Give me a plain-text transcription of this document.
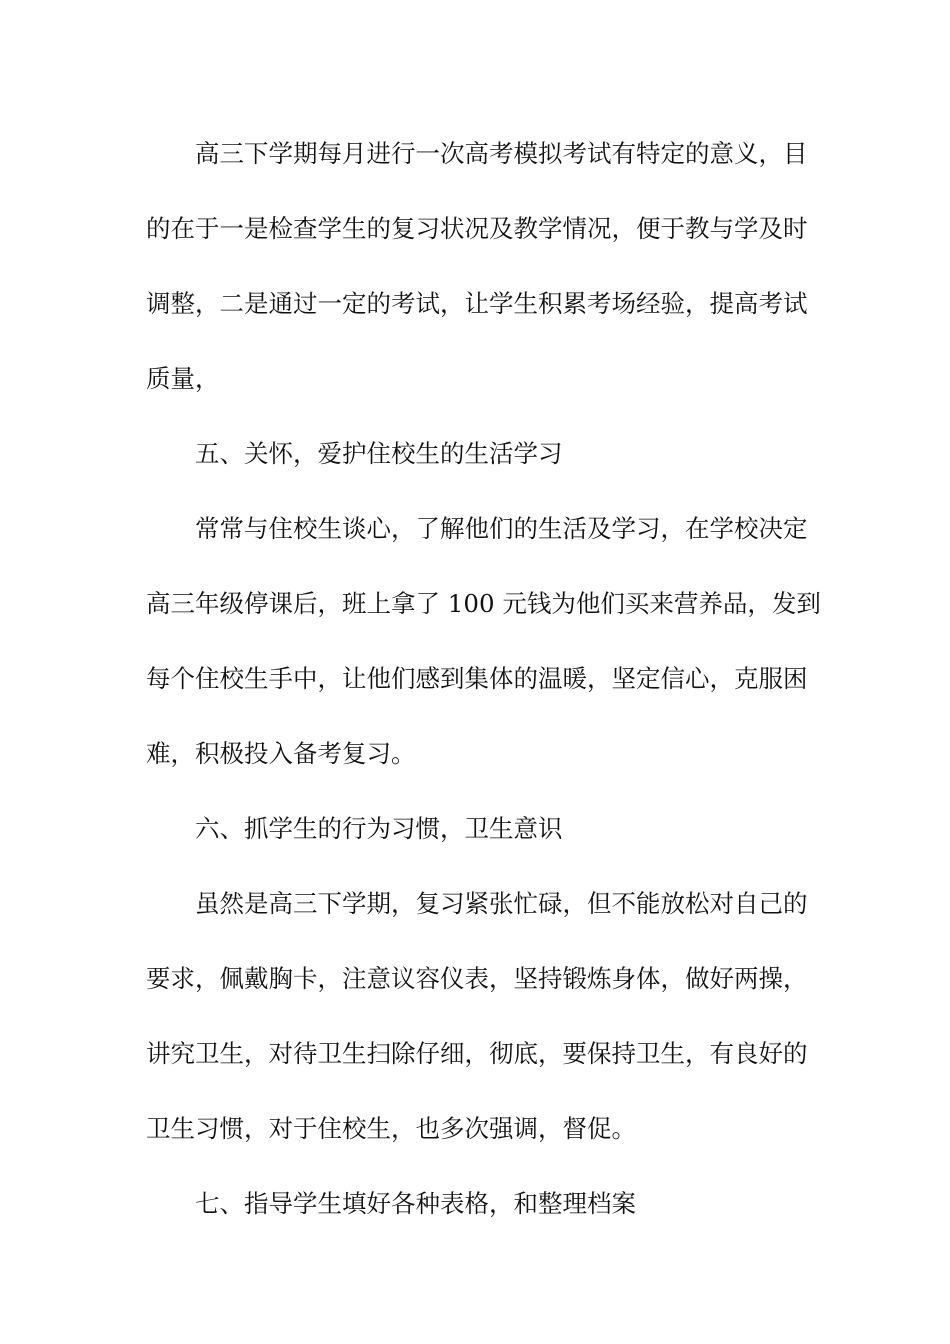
高 三 下 学 期 每 月 进 行 一 次 高 考 模 拟 考 试 有 特 定 的 意 义 ， 目
的 在 于 一 是 检 查 学 生 的 复 习 状 况 及 教 学 情 况 ， 便 于 教 与 学 及 时
调 整 ， 二 是 通 过 一 定 的 考 试 ， 让 学 生 积 累 考 场 经 验 ， 提 高 考 试
质量，
五、关怀，爱护住校生的生活学习
常 常 与 住 校 生 谈 心 ， 了 解 他 们 的 生 活 及 学 习 ， 在 学 校 决 定
高 三 年 级 停 课 后 ， 班 上 拿 了
100
元 钱 为 他 们 买 来 营 养 品 ， 发 到
每 个 住 校 生 手 中 ， 让 他 们 感 到 集 体 的 温 暖 ， 坚 定 信 心 ， 克 服 困
难，积极投入备考复习。
六、抓学生的行为习惯，卫生意识
虽 然 是 高 三 下 学 期 ， 复 习 紧 张 忙 碌 ， 但 不 能 放 松 对 自 己 的
要 求 ， 佩 戴 胸 卡 ， 注 意 议 容 仪 表 ， 坚 持 锻 炼 身 体 ， 做 好 两 操 ，
讲 究 卫 生 ， 对 待 卫 生 扫 除 仔 细 ， 彻 底 ， 要 保 持 卫 生 ， 有 良 好 的
卫生习惯，对于住校生，也多次强调，督促。
七、指导学生填好各种表格，和整理档案
